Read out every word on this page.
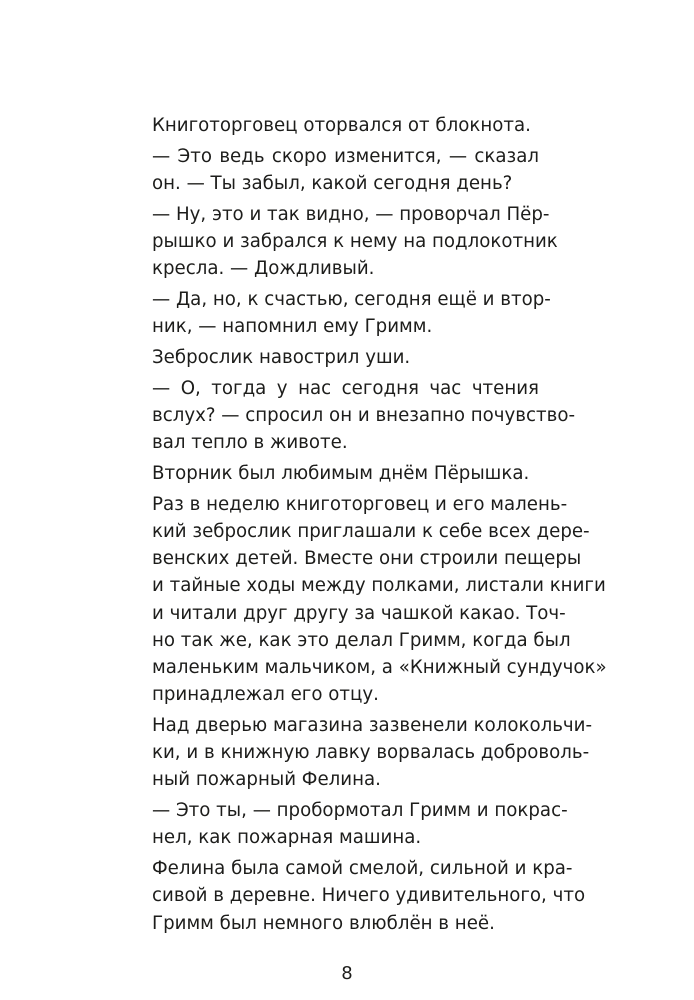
Книготорговец оторвался от блокнота.
— Это ведь скоро изменится, — сказал
он. — Ты забыл, какой сегодня день?
— Ну, это и так видно, — проворчал Пёр-
рышко и забрался к нему на подлокотник
кресла. — Дождливый.
— Да, но, к счастью, сегодня ещё и втор-
ник, — напомнил ему Гримм.
Зеброслик навострил уши.
— О, тогда у нас сегодня час чтения
вслух? — спросил он и внезапно почувство-
вал тепло в животе.
Вторник был любимым днём Пёрышка.
Раз в неделю книготорговец и его малень-
кий зеброслик приглашали к себе всех дере-
венских детей. Вместе они строили пещеры
и тайные ходы между полками, листали книги
и читали друг другу за чашкой какао. Точ-
но так же, как это делал Гримм, когда был
маленьким мальчиком, а «Книжный сундучок»
принадлежал его отцу.
Над дверью магазина зазвенели колокольчи-
ки, и в книжную лавку ворвалась доброволь-
ный пожарный Фелина.
— Это ты, — пробормотал Гримм и покрас-
нел, как пожарная машина.
Фелина была самой смелой, сильной и кра-
сивой в деревне. Ничего удивительного, что
Гримм был немного влюблён в неё.
8
